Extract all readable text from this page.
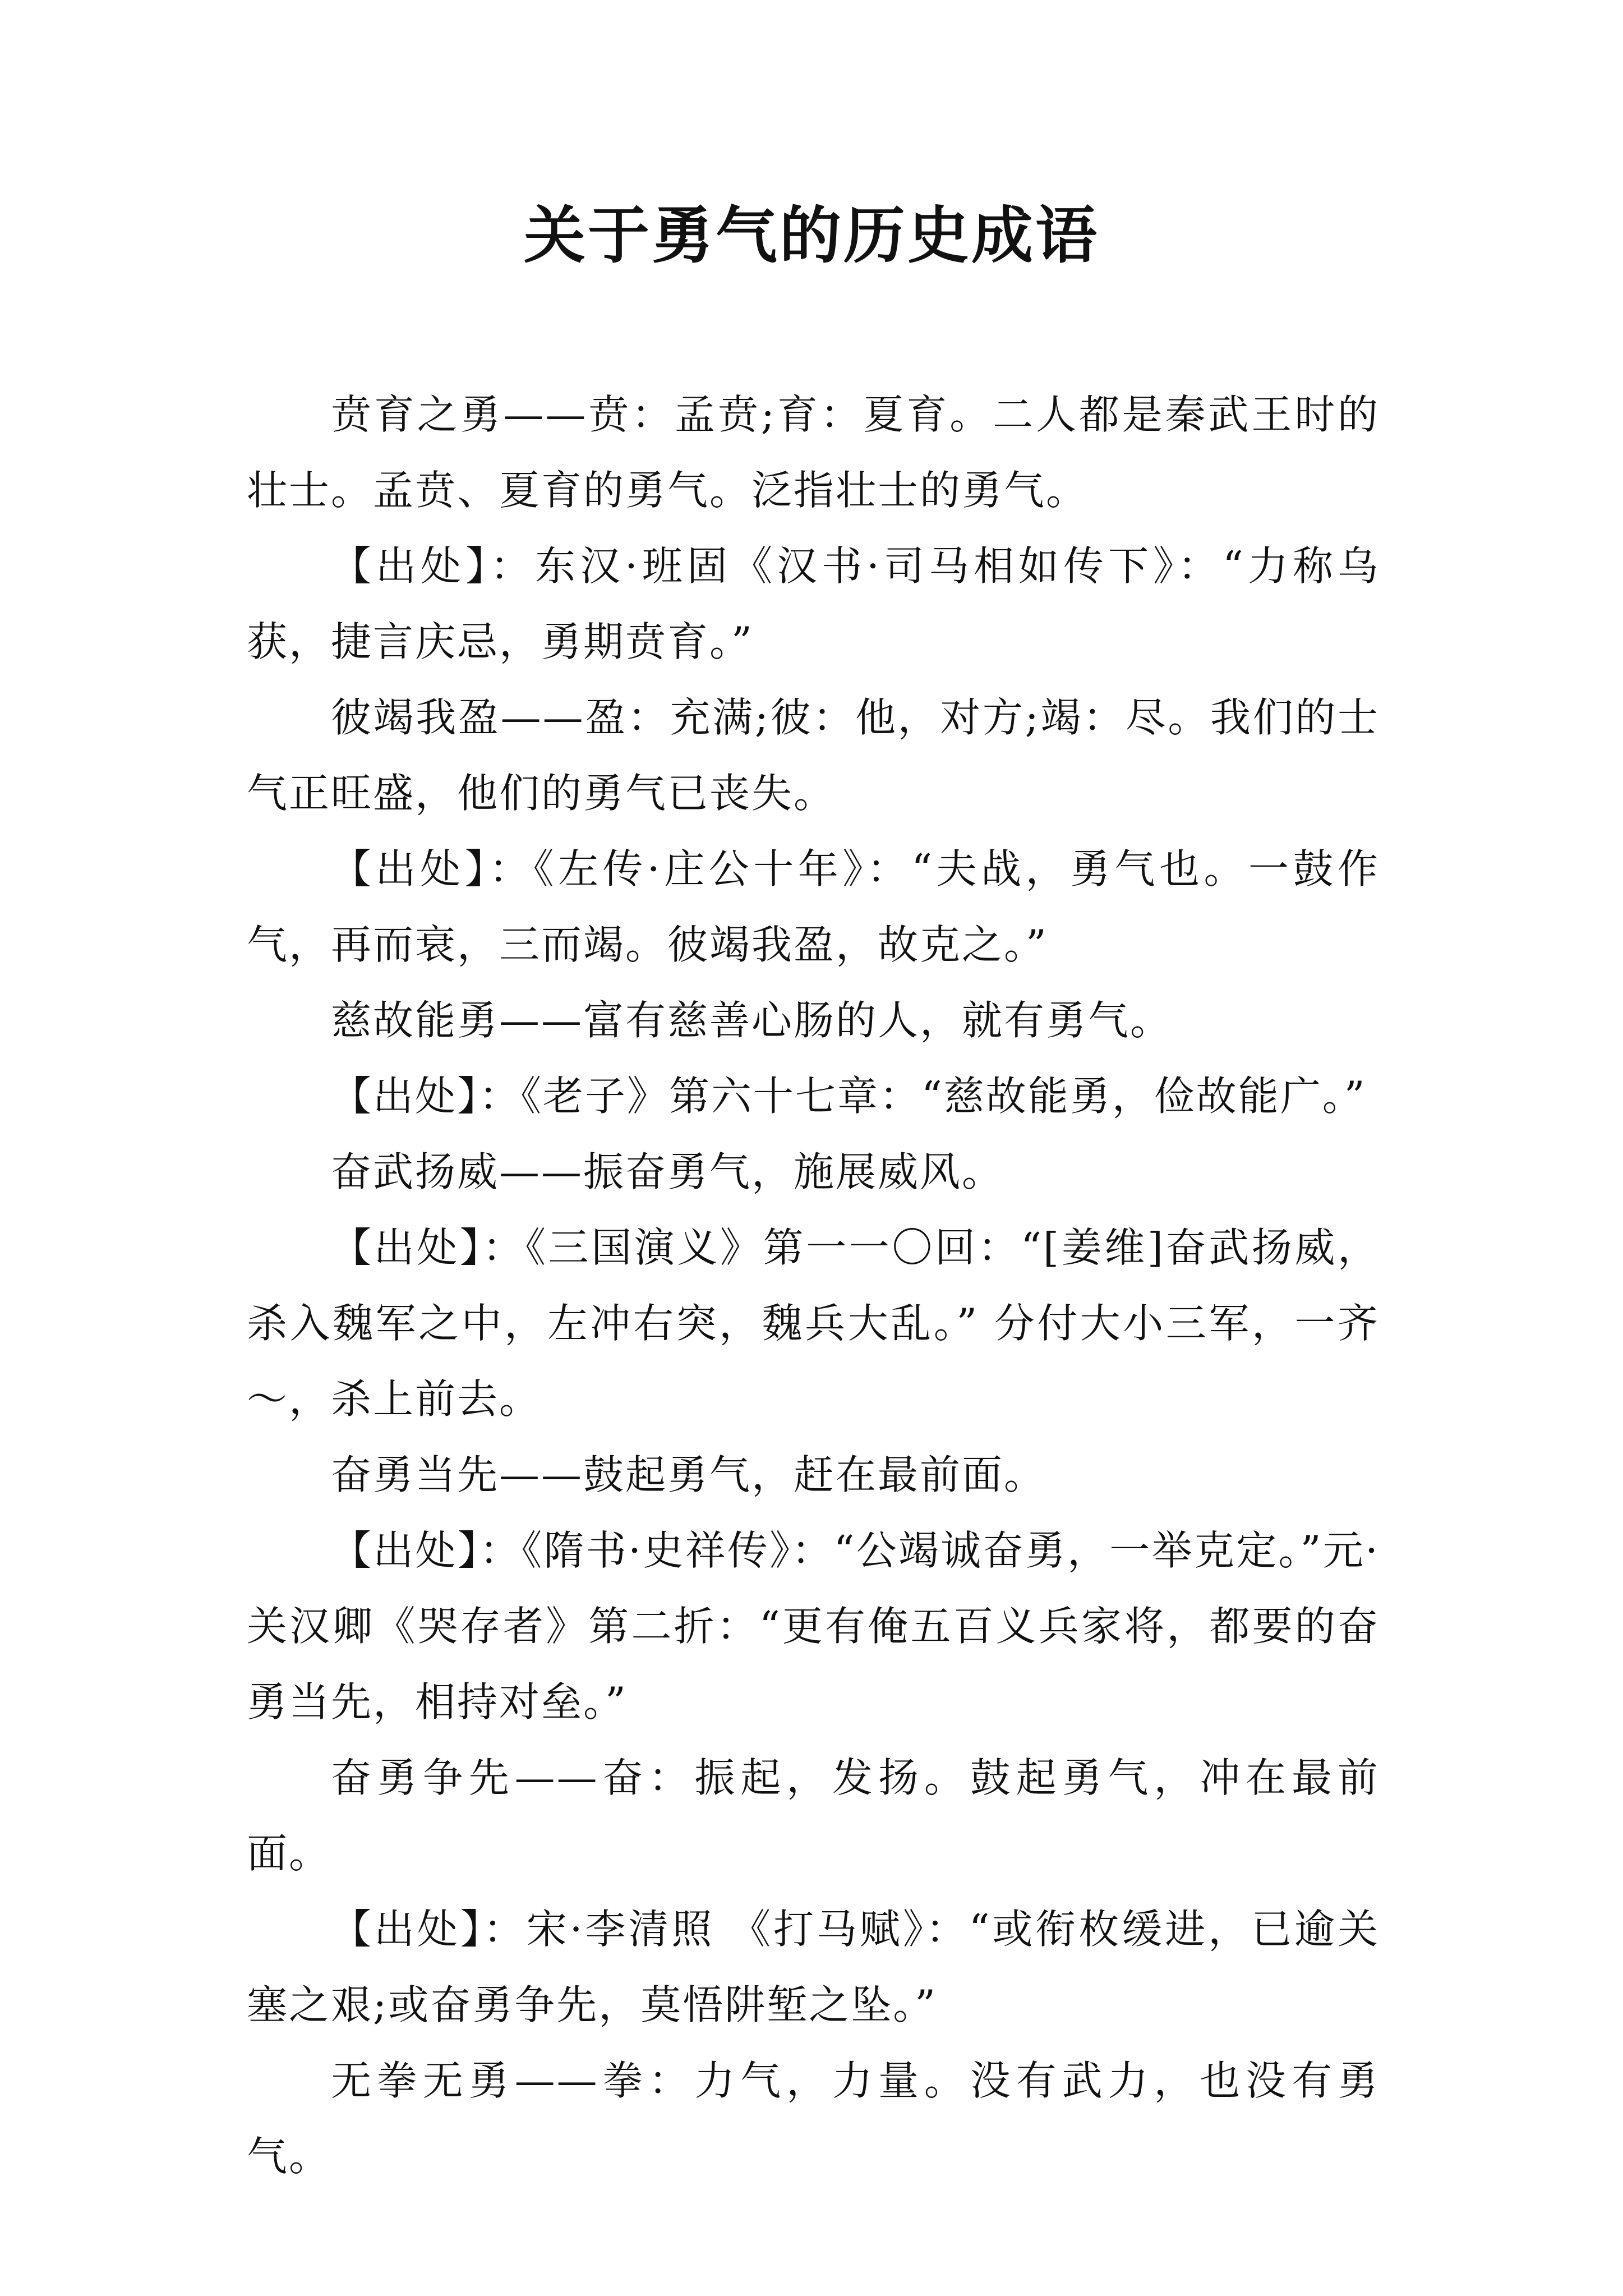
关于勇气的历史成语

贲育之勇——贲：孟贲;育：夏育。二人都是秦武王时的壮士。孟贲、夏育的勇气。泛指壮士的勇气。

【出处】：东汉·班固《汉书·司马相如传下》：“力称乌获，捷言庆忌，勇期贲育。”

彼竭我盈——盈：充满;彼：他，对方;竭：尽。我们的士气正旺盛，他们的勇气已丧失。

【出处】：《左传·庄公十年》：“夫战，勇气也。一鼓作气，再而衰，三而竭。彼竭我盈，故克之。”

慈故能勇——富有慈善心肠的人，就有勇气。

【出处】：《老子》第六十七章：“慈故能勇，俭故能广。”

奋武扬威——振奋勇气，施展威风。

【出处】：《三国演义》第一一〇回：“[姜维]奋武扬威，杀入魏军之中，左冲右突，魏兵大乱。” 分付大小三军，一齐～，杀上前去。

奋勇当先——鼓起勇气，赶在最前面。

【出处】：《隋书·史祥传》：“公竭诚奋勇，一举克定。”元·关汉卿《哭存者》第二折：“更有俺五百义兵家将，都要的奋勇当先，相持对垒。”

奋勇争先——奋：振起，发扬。鼓起勇气，冲在最前面。

【出处】：宋·李清照 《打马赋》：“或衔枚缓进，已逾关塞之艰;或奋勇争先，莫悟阱堑之坠。”

无拳无勇——拳：力气，力量。没有武力，也没有勇气。
